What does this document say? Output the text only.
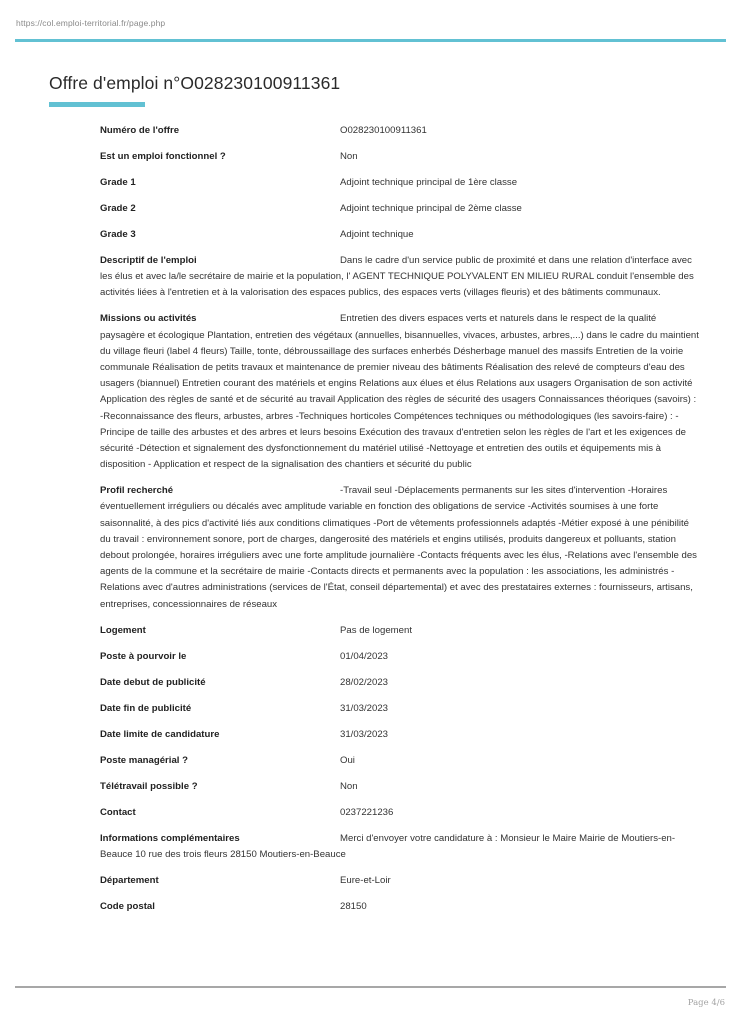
https://col.emploi-territorial.fr/page.php
Offre d'emploi n°O028230100911361
Numéro de l'offre	O028230100911361
Est un emploi fonctionnel ?	Non
Grade 1	Adjoint technique principal de 1ère classe
Grade 2	Adjoint technique principal de 2ème classe
Grade 3	Adjoint technique
Descriptif de l'emploi	Dans le cadre d'un service public de proximité et dans une relation d'interface avec les élus et avec la/le secrétaire de mairie et la population, l' AGENT TECHNIQUE POLYVALENT EN MILIEU RURAL conduit l'ensemble des activités liées à l'entretien et à la valorisation des espaces publics, des espaces verts (villages fleuris) et des bâtiments communaux.
Missions ou activités	Entretien des divers espaces verts et naturels dans le respect de la qualité paysagère et écologique Plantation, entretien des végétaux (annuelles, bisannuelles, vivaces, arbustes, arbres,...) dans le cadre du maintient du village fleuri (label 4 fleurs) Taille, tonte, débroussaillage des surfaces enherbés Désherbage manuel des massifs Entretien de la voirie communale Réalisation de petits travaux et maintenance de premier niveau des bâtiments Réalisation des relevé de compteurs d'eau des usagers (biannuel) Entretien courant des matériels et engins Relations aux élues et élus Relations aux usagers Organisation de son activité Application des règles de santé et de sécurité au travail Application des règles de sécurité des usagers Connaissances théoriques (savoirs) : -Reconnaissance des fleurs, arbustes, arbres -Techniques horticoles Compétences techniques ou méthodologiques (les savoirs-faire) : -Principe de taille des arbustes et des arbres et leurs besoins Exécution des travaux d'entretien selon les règles de l'art et les exigences de sécurité -Détection et signalement des dysfonctionnement du matériel utilisé -Nettoyage et entretien des outils et équipements mis à disposition - Application et respect de la signalisation des chantiers et sécurité du public
Profil recherché	-Travail seul -Déplacements permanents sur les sites d'intervention -Horaires éventuellement irréguliers ou décalés avec amplitude variable en fonction des obligations de service -Activités soumises à une forte saisonnalité, à des pics d'activité liés aux conditions climatiques -Port de vêtements professionnels adaptés -Métier exposé à une pénibilité du travail : environnement sonore, port de charges, dangerosité des matériels et engins utilisés, produits dangereux et polluants, station debout prolongée, horaires irréguliers avec une forte amplitude journalière -Contacts fréquents avec les élus, -Relations avec l'ensemble des agents de la commune et la secrétaire de mairie -Contacts directs et permanents avec la population : les associations, les administrés -Relations avec d'autres administrations (services de l'État, conseil départemental) et avec des prestataires externes : fournisseurs, artisans, entreprises, concessionnaires de réseaux
Logement	Pas de logement
Poste à pourvoir le	01/04/2023
Date debut de publicité	28/02/2023
Date fin de publicité	31/03/2023
Date limite de candidature	31/03/2023
Poste managérial ?	Oui
Télétravail possible ?	Non
Contact	0237221236
Informations complémentaires	Merci d'envoyer votre candidature à : Monsieur le Maire Mairie de Moutiers-en-Beauce 10 rue des trois fleurs 28150 Moutiers-en-Beauce
Département	Eure-et-Loir
Code postal	28150
Page 4/6
